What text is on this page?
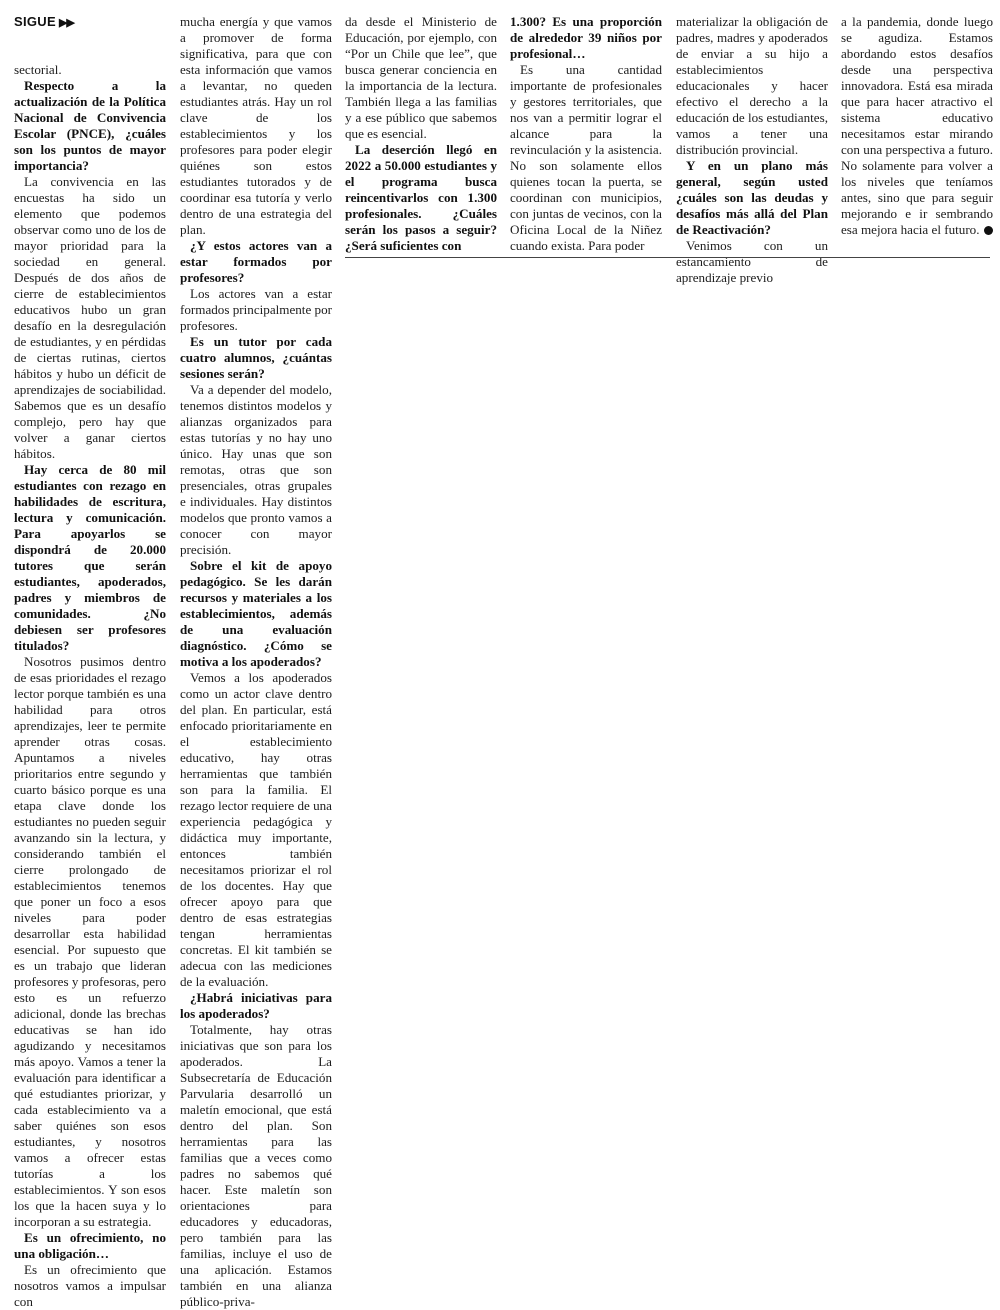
SIGUE ▶▶

sectorial.

Respecto a la actualización de la Política Nacional de Convivencia Escolar (PNCE), ¿cuáles son los puntos de mayor importancia?

La convivencia en las encuestas ha sido un elemento que podemos observar como uno de los de mayor prioridad para la sociedad en general. Después de dos años de cierre de establecimientos educativos hubo un gran desafío en la desregulación de estudiantes, y en pérdidas de ciertas rutinas, ciertos hábitos y hubo un déficit de aprendizajes de sociabilidad. Sabemos que es un desafío complejo, pero hay que volver a ganar ciertos hábitos.

Hay cerca de 80 mil estudiantes con rezago en habilidades de escritura, lectura y comunicación. Para apoyarlos se dispondrá de 20.000 tutores que serán estudiantes, apoderados, padres y miembros de comunidades. ¿No debiesen ser profesores titulados?

Nosotros pusimos dentro de esas prioridades el rezago lector porque también es una habilidad para otros aprendizajes, leer te permite aprender otras cosas. Apuntamos a niveles prioritarios entre segundo y cuarto básico porque es una etapa clave donde los estudiantes no pueden seguir avanzando sin la lectura, y considerando también el cierre prolongado de establecimientos tenemos que poner un foco a esos niveles para poder desarrollar esta habilidad esencial. Por supuesto que es un trabajo que lideran profesores y profesoras, pero esto es un refuerzo adicional, donde las brechas educativas se han ido agudizando y necesitamos más apoyo. Vamos a tener la evaluación para identificar a qué estudiantes priorizar, y cada establecimiento va a saber quiénes son esos estudiantes, y nosotros vamos a ofrecer estas tutorías a los establecimientos. Y son esos los que la hacen suya y lo incorporan a su estrategia.

Es un ofrecimiento, no una obligación…

Es un ofrecimiento que nosotros vamos a impulsar con

mucha energía y que vamos a promover de forma significativa, para que con esta información que vamos a levantar, no queden estudiantes atrás. Hay un rol clave de los establecimientos y los profesores para poder elegir quiénes son estos estudiantes tutorados y de coordinar esa tutoría y verlo dentro de una estrategia del plan.

¿Y estos actores van a estar formados por profesores?

Los actores van a estar formados principalmente por profesores.

Es un tutor por cada cuatro alumnos, ¿cuántas sesiones serán?

Va a depender del modelo, tenemos distintos modelos y alianzas organizados para estas tutorías y no hay uno único. Hay unas que son remotas, otras que son presenciales, otras grupales e individuales. Hay distintos modelos que pronto vamos a conocer con mayor precisión.

Sobre el kit de apoyo pedagógico. Se les darán recursos y materiales a los establecimientos, además de una evaluación diagnóstico. ¿Cómo se motiva a los apoderados?

Vemos a los apoderados como un actor clave dentro del plan. En particular, está enfocado prioritariamente en el establecimiento educativo, hay otras herramientas que también son para la familia. El rezago lector requiere de una experiencia pedagógica y didáctica muy importante, entonces también necesitamos priorizar el rol de los docentes. Hay que ofrecer apoyo para que dentro de esas estrategias tengan herramientas concretas. El kit también se adecua con las mediciones de la evaluación.

¿Habrá iniciativas para los apoderados?

Totalmente, hay otras iniciativas que son para los apoderados. La Subsecretaría de Educación Parvularia desarrolló un maletín emocional, que está dentro del plan. Son herramientas para las familias que a veces como padres no sabemos qué hacer. Este maletín son orientaciones para educadores y educadoras, pero también para las familias, incluye el uso de una aplicación. Estamos también en una alianza público-priva-

da desde el Ministerio de Educación, por ejemplo, con “Por un Chile que lee”, que busca generar conciencia en la importancia de la lectura. También llega a las familias y a ese público que sabemos que es esencial.

La deserción llegó en 2022 a 50.000 estudiantes y el programa busca reincentivarlos con 1.300 profesionales. ¿Cuáles serán los pasos a seguir? ¿Será suficientes con

1.300? Es una proporción de alrededor 39 niños por profesional…

Es una cantidad importante de profesionales y gestores territoriales, que nos van a permitir lograr el alcance para la revinculación y la asistencia. No son solamente ellos quienes tocan la puerta, se coordinan con municipios, con juntas de vecinos, con la Oficina Local de la Niñez cuando exista. Para poder

materializar la obligación de padres, madres y apoderados de enviar a su hijo a establecimientos educacionales y hacer efectivo el derecho a la educación de los estudiantes, vamos a tener una distribución provincial.

Y en un plano más general, según usted ¿cuáles son las deudas y desafíos más allá del Plan de Reactivación?

Venimos con un estancamiento de aprendizaje previo

a la pandemia, donde luego se agudiza. Estamos abordando estos desafíos desde una perspectiva innovadora. Está esa mirada que para hacer atractivo el sistema educativo necesitamos estar mirando con una perspectiva a futuro. No solamente para volver a los niveles que teníamos antes, sino que para seguir mejorando e ir sembrando esa mejora hacia el futuro.
